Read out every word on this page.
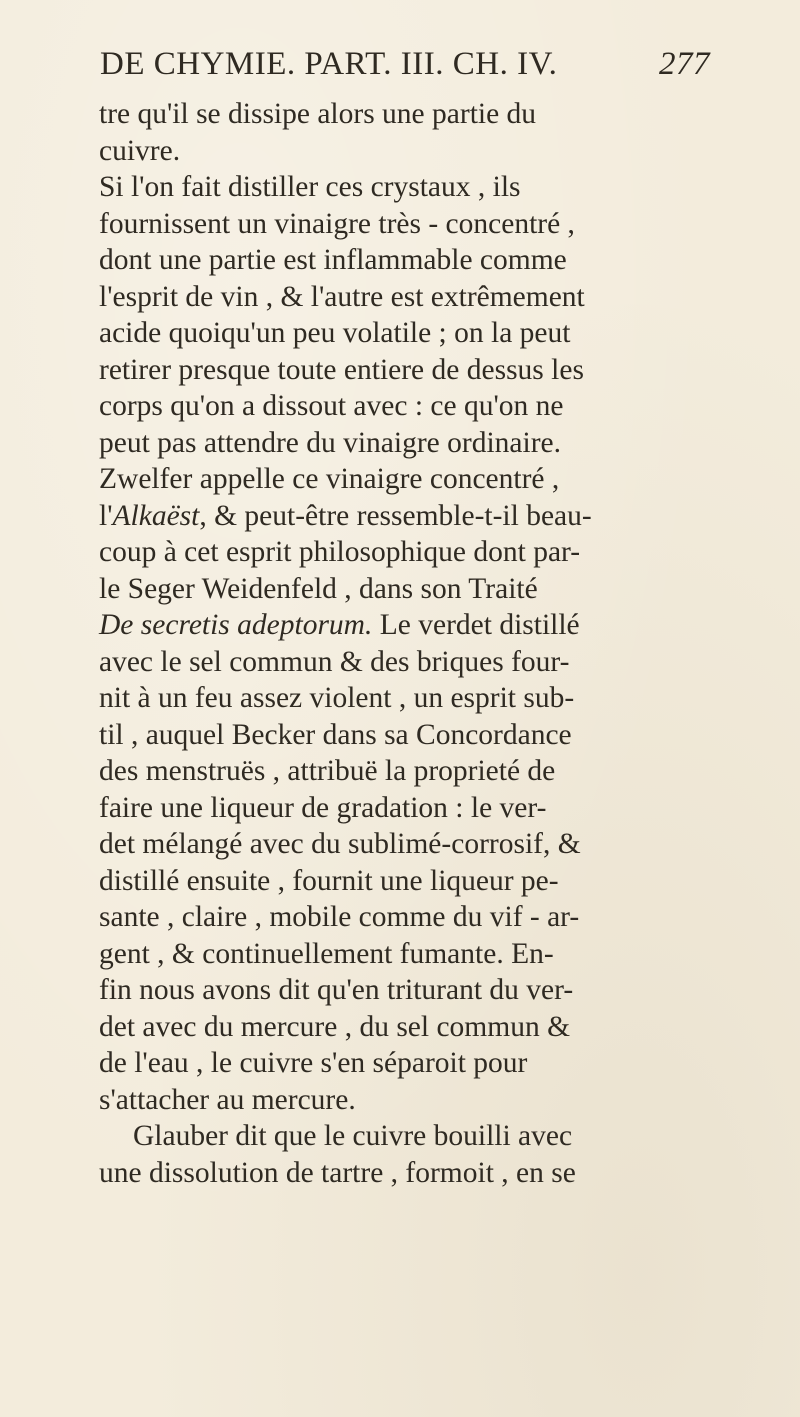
DE CHYMIE. PART. III. CH. IV.	277
tre qu'il se dissipe alors une partie du
cuivre.
Si l'on fait distiller ces crystaux , ils
fournissent un vinaigre très - concentré ,
dont une partie est inflammable comme
l'esprit de vin , & l'autre est extrêmement
acide quoiqu'un peu volatile ; on la peut
retirer presque toute entiere de dessus les
corps qu'on a dissout avec : ce qu'on ne
peut pas attendre du vinaigre ordinaire.
Zwelfer appelle ce vinaigre concentré ,
l'Alkaëst, & peut-être ressemble-t-il beau-
coup à cet esprit philosophique dont par-
le Seger Weidenfeld , dans son Traité
De secretis adeptorum. Le verdet distillé
avec le sel commun & des briques four-
nit à un feu assez violent , un esprit sub-
til , auquel Becker dans sa Concordance
des menstruës , attribuë la proprieté de
faire une liqueur de gradation : le ver-
det mélangé avec du sublimé-corrosif, &
distillé ensuite , fournit une liqueur pe-
sante , claire , mobile comme du vif - ar-
gent , & continuellement fumante. En-
fin nous avons dit qu'en triturant du ver-
det avec du mercure , du sel commun &
de l'eau , le cuivre s'en séparoit pour
s'attacher au mercure.
Glauber dit que le cuivre bouilli avec
une dissolution de tartre , formoit , en se
